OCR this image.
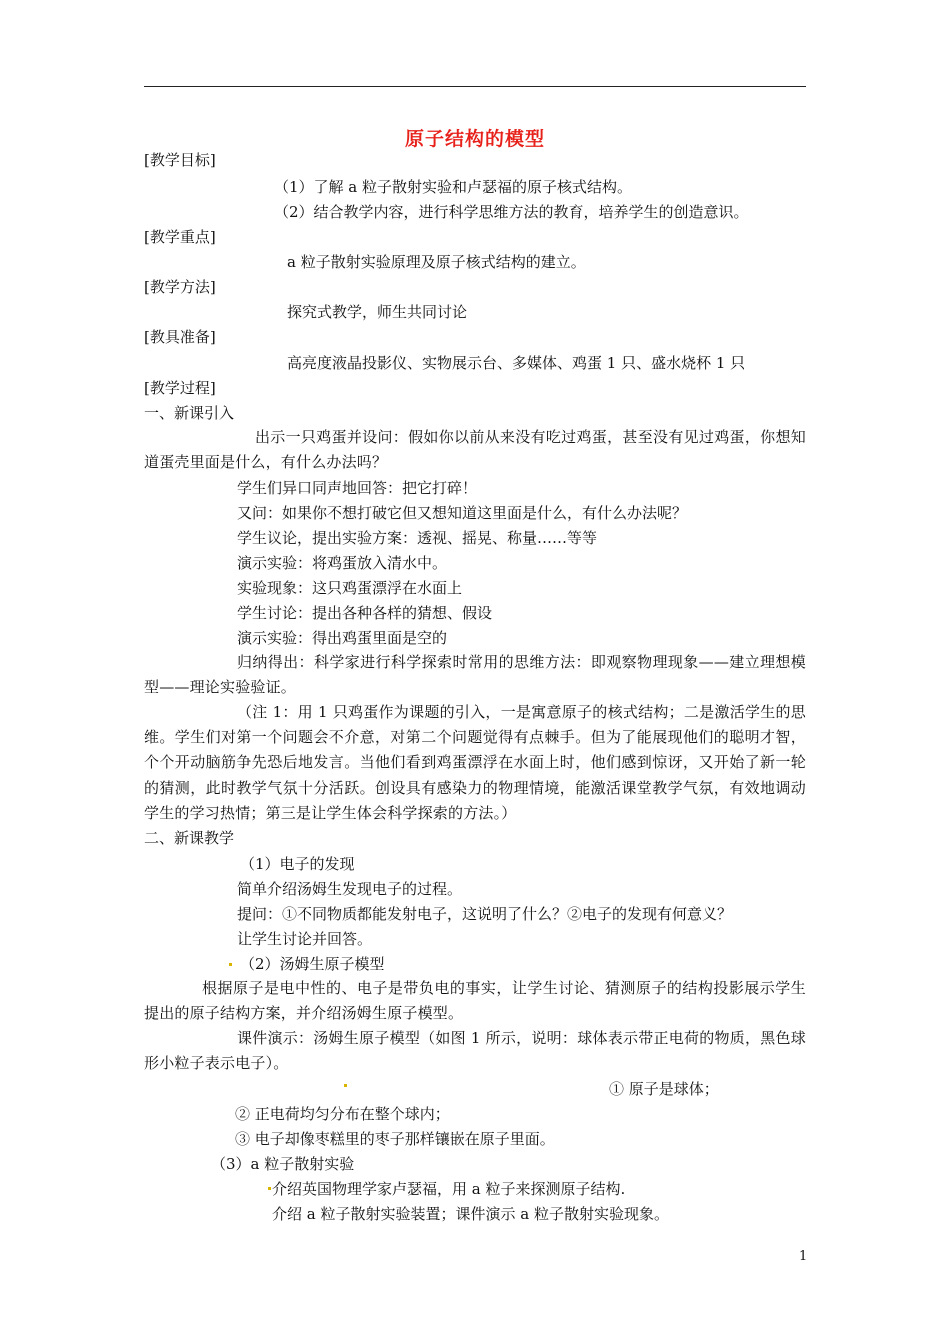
原子结构的模型
[教学目标]
（1）了解 a 粒子散射实验和卢瑟福的原子核式结构。
（2）结合教学内容，进行科学思维方法的教育，培养学生的创造意识。
[教学重点]
a 粒子散射实验原理及原子核式结构的建立。
[教学方法]
探究式教学，师生共同讨论
[教具准备]
高亮度液晶投影仪、实物展示台、多媒体、鸡蛋 1 只、盛水烧杯 1 只
[教学过程]
一、新课引入
出示一只鸡蛋并设问：假如你以前从来没有吃过鸡蛋，甚至没有见过鸡蛋，你想知道蛋壳里面是什么，有什么办法吗？
学生们异口同声地回答：把它打碎！
又问：如果你不想打破它但又想知道这里面是什么，有什么办法呢？
学生议论，提出实验方案：透视、摇晃、称量……等等
演示实验：将鸡蛋放入清水中。
实验现象：这只鸡蛋漂浮在水面上
学生讨论：提出各种各样的猜想、假设
演示实验：得出鸡蛋里面是空的
归纳得出：科学家进行科学探索时常用的思维方法：即观察物理现象——建立理想模型——理论实验验证。
（注 1：用 1 只鸡蛋作为课题的引入，一是寓意原子的核式结构；二是激活学生的思维。学生们对第一个问题会不介意，对第二个问题觉得有点棘手。但为了能展现他们的聪明才智，个个开动脑筋争先恐后地发言。当他们看到鸡蛋漂浮在水面上时，他们感到惊讶，又开始了新一轮的猜测，此时教学气氛十分活跃。创设具有感染力的物理情境，能激活课堂教学气氛，有效地调动学生的学习热情；第三是让学生体会科学探索的方法。）
二、新课教学
（1）电子的发现
简单介绍汤姆生发现电子的过程。
提问：①不同物质都能发射电子，这说明了什么？②电子的发现有何意义？
让学生讨论并回答。
（2）汤姆生原子模型
根据原子是电中性的、电子是带负电的事实，让学生讨论、猜测原子的结构投影展示学生提出的原子结构方案，并介绍汤姆生原子模型。
课件演示：汤姆生原子模型（如图 1 所示，说明：球体表示带正电荷的物质，黑色球形小粒子表示电子）。
① 原子是球体；
② 正电荷均匀分布在整个球内；
③ 电子却像枣糕里的枣子那样镶嵌在原子里面。
（3）a 粒子散射实验
介绍英国物理学家卢瑟福，用 a 粒子来探测原子结构.
介绍 a 粒子散射实验装置；课件演示 a 粒子散射实验现象。
1
